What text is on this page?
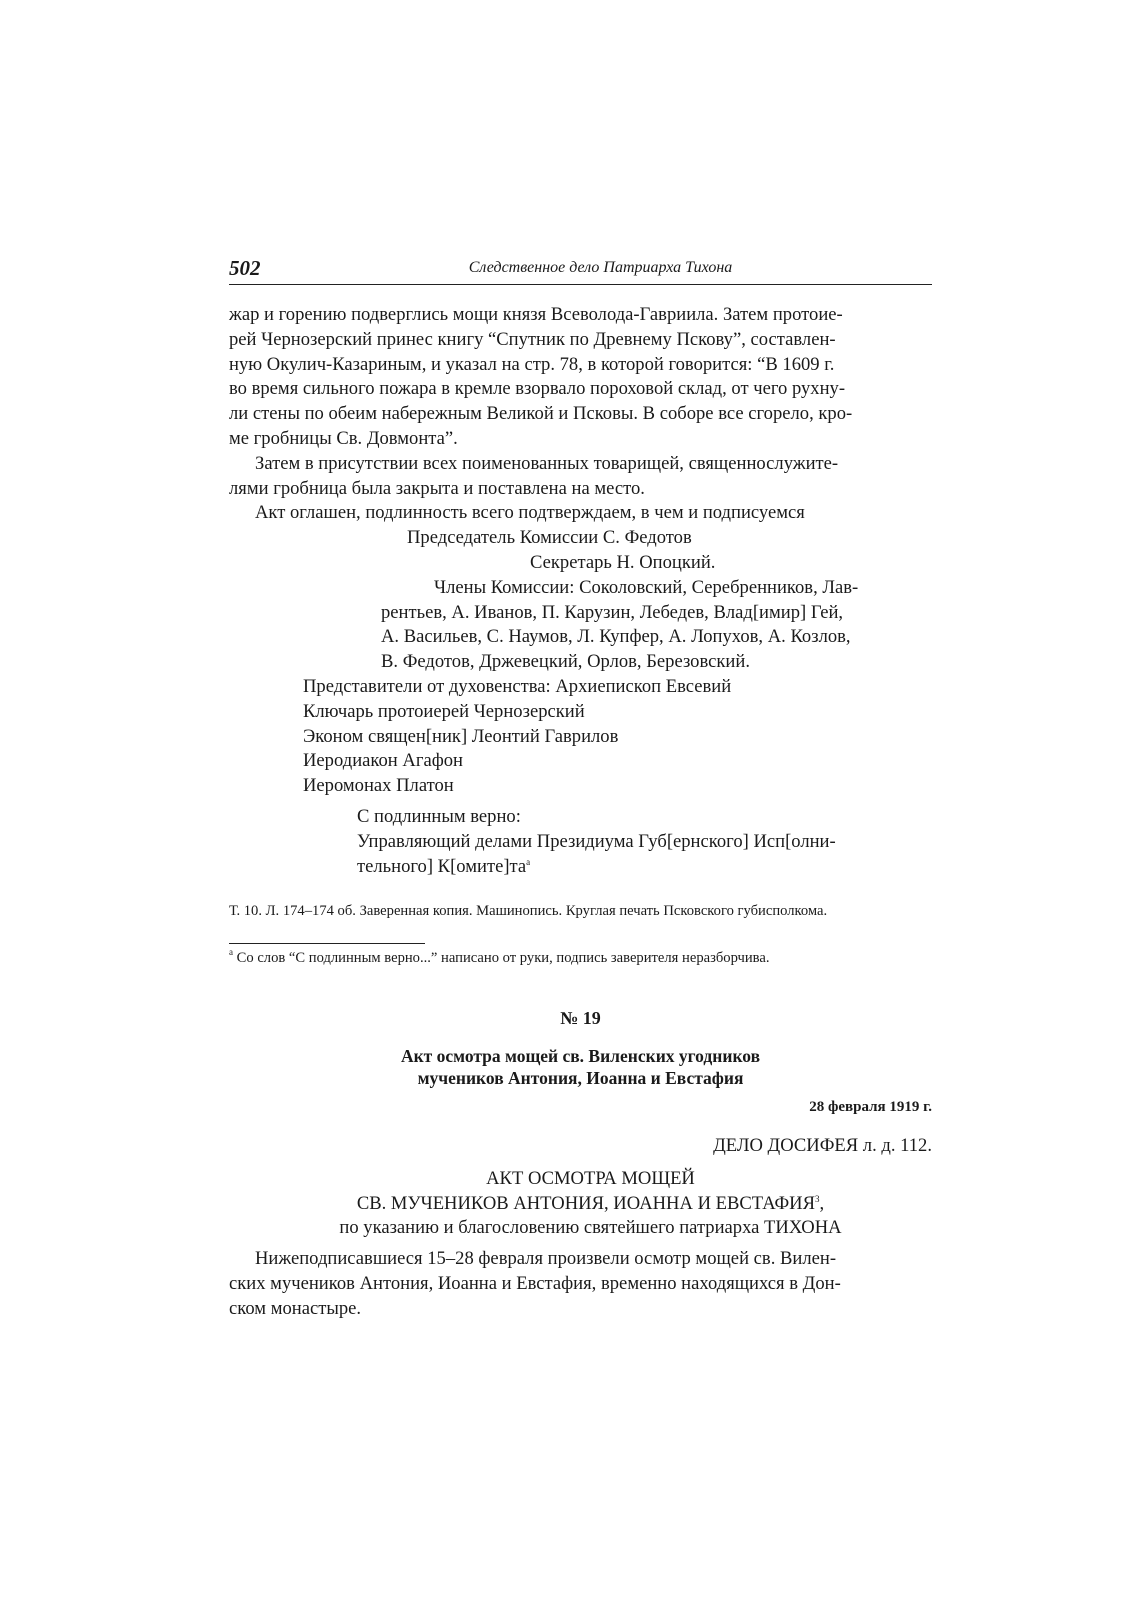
502	Следственное дело Патриарха Тихона
жар и горению подверглись мощи князя Всеволода-Гавриила. Затем протоие-
рей Чернозерский принес книгу “Спутник по Древнему Пскову”, составлен-
ную Окулич-Казариным, и указал на стр. 78, в которой говорится: “В 1609 г.
во время сильного пожара в кремле взорвало пороховой склад, от чего рухну-
ли стены по обеим набережным Великой и Псковы. В соборе все сгорело, кро-
ме гробницы Св. Довмонта”.
Затем в присутствии всех поименованных товарищей, священнослужите-
лями гробница была закрыта и поставлена на место.
Акт оглашен, подлинность всего подтверждаем, в чем и подписуемся
Председатель Комиссии С. Федотов
Секретарь Н. Опоцкий.
Члены Комиссии: Соколовский, Серебренников, Лав-
рентьев, А. Иванов, П. Карузин, Лебедев, Влад[имир] Гей,
А. Васильев, С. Наумов, Л. Купфер, А. Лопухов, А. Козлов,
В. Федотов, Држевецкий, Орлов, Березовский.
Представители от духовенства: Архиепископ Евсевий
Ключарь протоиерей Чернозерский
Эконом священ[ник] Леонтий Гаврилов
Иеродиакон Агафон
Иеромонах Платон
С подлинным верно:
Управляющий делами Президиума Губ[ернского] Исп[олни-
тельного] $К[омите]та^а$
Т. 10. Л. 174–174 об. Заверенная копия. Машинопись. Круглая печать Псковского губисполкома.
$^а$ Со слов “С подлинным верно...” написано от руки, подпись заверителя неразборчива.
№ 19
Акт осмотра мощей св. Виленских угодников
мучеников Антония, Иоанна и Евстафия
28 февраля 1919 г.
ДЕЛО ДОСИФЕЯ л. д. 112.
АКТ ОСМОТРА МОЩЕЙ
СВ. МУЧЕНИКОВ АНТОНИЯ, ИОАННА И ЕВСТАФИЯ$^3$,
по указанию и благословению святейшего патриарха ТИХОНА
Нижеподписавшиеся 15–28 февраля произвели осмотр мощей св. Вилен-
ских мучеников Антония, Иоанна и Евстафия, временно находящихся в Дон-
ском монастыре.
